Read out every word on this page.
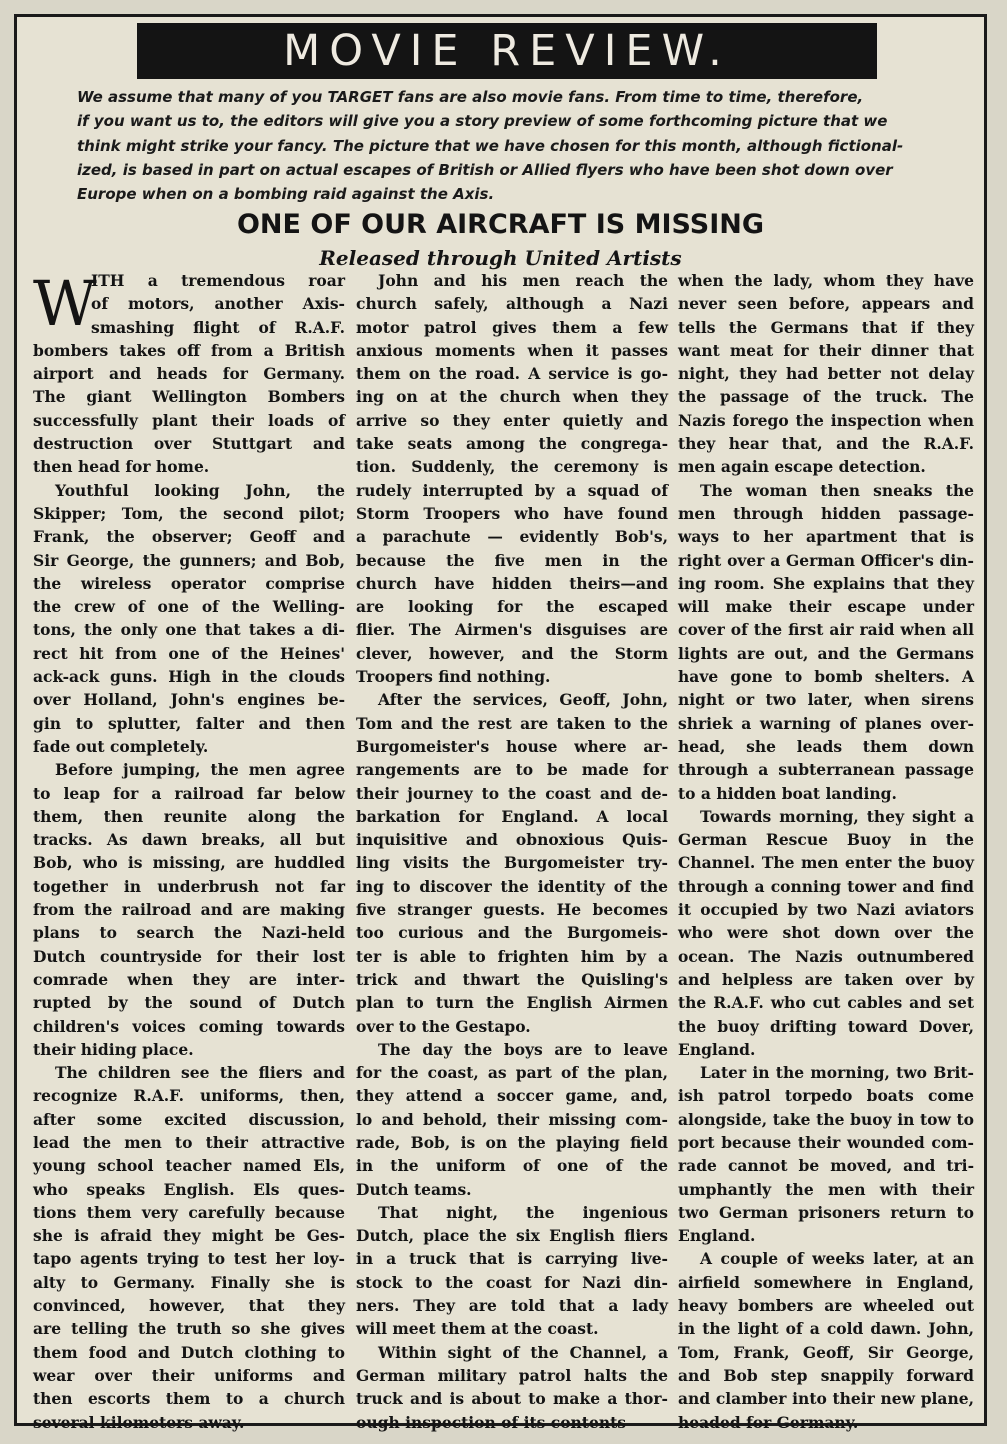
MOVIE REVIEW.
We assume that many of you TARGET fans are also movie fans. From time to time, therefore,
if you want us to, the editors will give you a story preview of some forthcoming picture that we
think might strike your fancy. The picture that we have chosen for this month, although fictional-
ized, is based in part on actual escapes of British or Allied flyers who have been shot down over
Europe when on a bombing raid against the Axis.
ONE OF OUR AIRCRAFT IS MISSING
Released through United Artists
W
ITH a tremendous roar
of motors, another Axis-
smashing flight of R.A.F.
bombers takes off from a British
airport and heads for Germany.
The giant Wellington Bombers
successfully plant their loads of
destruction over Stuttgart and
then head for home.
Youthful looking John, the
Skipper; Tom, the second pilot;
Frank, the observer; Geoff and
Sir George, the gunners; and Bob,
the wireless operator comprise
the crew of one of the Welling-
tons, the only one that takes a di-
rect hit from one of the Heines'
ack-ack guns. High in the clouds
over Holland, John's engines be-
gin to splutter, falter and then
fade out completely.
Before jumping, the men agree
to leap for a railroad far below
them, then reunite along the
tracks. As dawn breaks, all but
Bob, who is missing, are huddled
together in underbrush not far
from the railroad and are making
plans to search the Nazi-held
Dutch countryside for their lost
comrade when they are inter-
rupted by the sound of Dutch
children's voices coming towards
their hiding place.
The children see the fliers and
recognize R.A.F. uniforms, then,
after some excited discussion,
lead the men to their attractive
young school teacher named Els,
who speaks English. Els ques-
tions them very carefully because
she is afraid they might be Ges-
tapo agents trying to test her loy-
alty to Germany. Finally she is
convinced, however, that they
are telling the truth so she gives
them food and Dutch clothing to
wear over their uniforms and
then escorts them to a church
several kilometers away.
John and his men reach the
church safely, although a Nazi
motor patrol gives them a few
anxious moments when it passes
them on the road. A service is go-
ing on at the church when they
arrive so they enter quietly and
take seats among the congrega-
tion. Suddenly, the ceremony is
rudely interrupted by a squad of
Storm Troopers who have found
a parachute — evidently Bob's,
because the five men in the
church have hidden theirs—and
are looking for the escaped
flier. The Airmen's disguises are
clever, however, and the Storm
Troopers find nothing.
After the services, Geoff, John,
Tom and the rest are taken to the
Burgomeister's house where ar-
rangements are to be made for
their journey to the coast and de-
barkation for England. A local
inquisitive and obnoxious Quis-
ling visits the Burgomeister try-
ing to discover the identity of the
five stranger guests. He becomes
too curious and the Burgomeis-
ter is able to frighten him by a
trick and thwart the Quisling's
plan to turn the English Airmen
over to the Gestapo.
The day the boys are to leave
for the coast, as part of the plan,
they attend a soccer game, and,
lo and behold, their missing com-
rade, Bob, is on the playing field
in the uniform of one of the
Dutch teams.
That night, the ingenious
Dutch, place the six English fliers
in a truck that is carrying live-
stock to the coast for Nazi din-
ners. They are told that a lady
will meet them at the coast.
Within sight of the Channel, a
German military patrol halts the
truck and is about to make a thor-
ough inspection of its contents
when the lady, whom they have
never seen before, appears and
tells the Germans that if they
want meat for their dinner that
night, they had better not delay
the passage of the truck. The
Nazis forego the inspection when
they hear that, and the R.A.F.
men again escape detection.
The woman then sneaks the
men through hidden passage-
ways to her apartment that is
right over a German Officer's din-
ing room. She explains that they
will make their escape under
cover of the first air raid when all
lights are out, and the Germans
have gone to bomb shelters. A
night or two later, when sirens
shriek a warning of planes over-
head, she leads them down
through a subterranean passage
to a hidden boat landing.
Towards morning, they sight a
German Rescue Buoy in the
Channel. The men enter the buoy
through a conning tower and find
it occupied by two Nazi aviators
who were shot down over the
ocean. The Nazis outnumbered
and helpless are taken over by
the R.A.F. who cut cables and set
the buoy drifting toward Dover,
England.
Later in the morning, two Brit-
ish patrol torpedo boats come
alongside, take the buoy in tow to
port because their wounded com-
rade cannot be moved, and tri-
umphantly the men with their
two German prisoners return to
England.
A couple of weeks later, at an
airfield somewhere in England,
heavy bombers are wheeled out
in the light of a cold dawn. John,
Tom, Frank, Geoff, Sir George,
and Bob step snappily forward
and clamber into their new plane,
headed for Germany.
